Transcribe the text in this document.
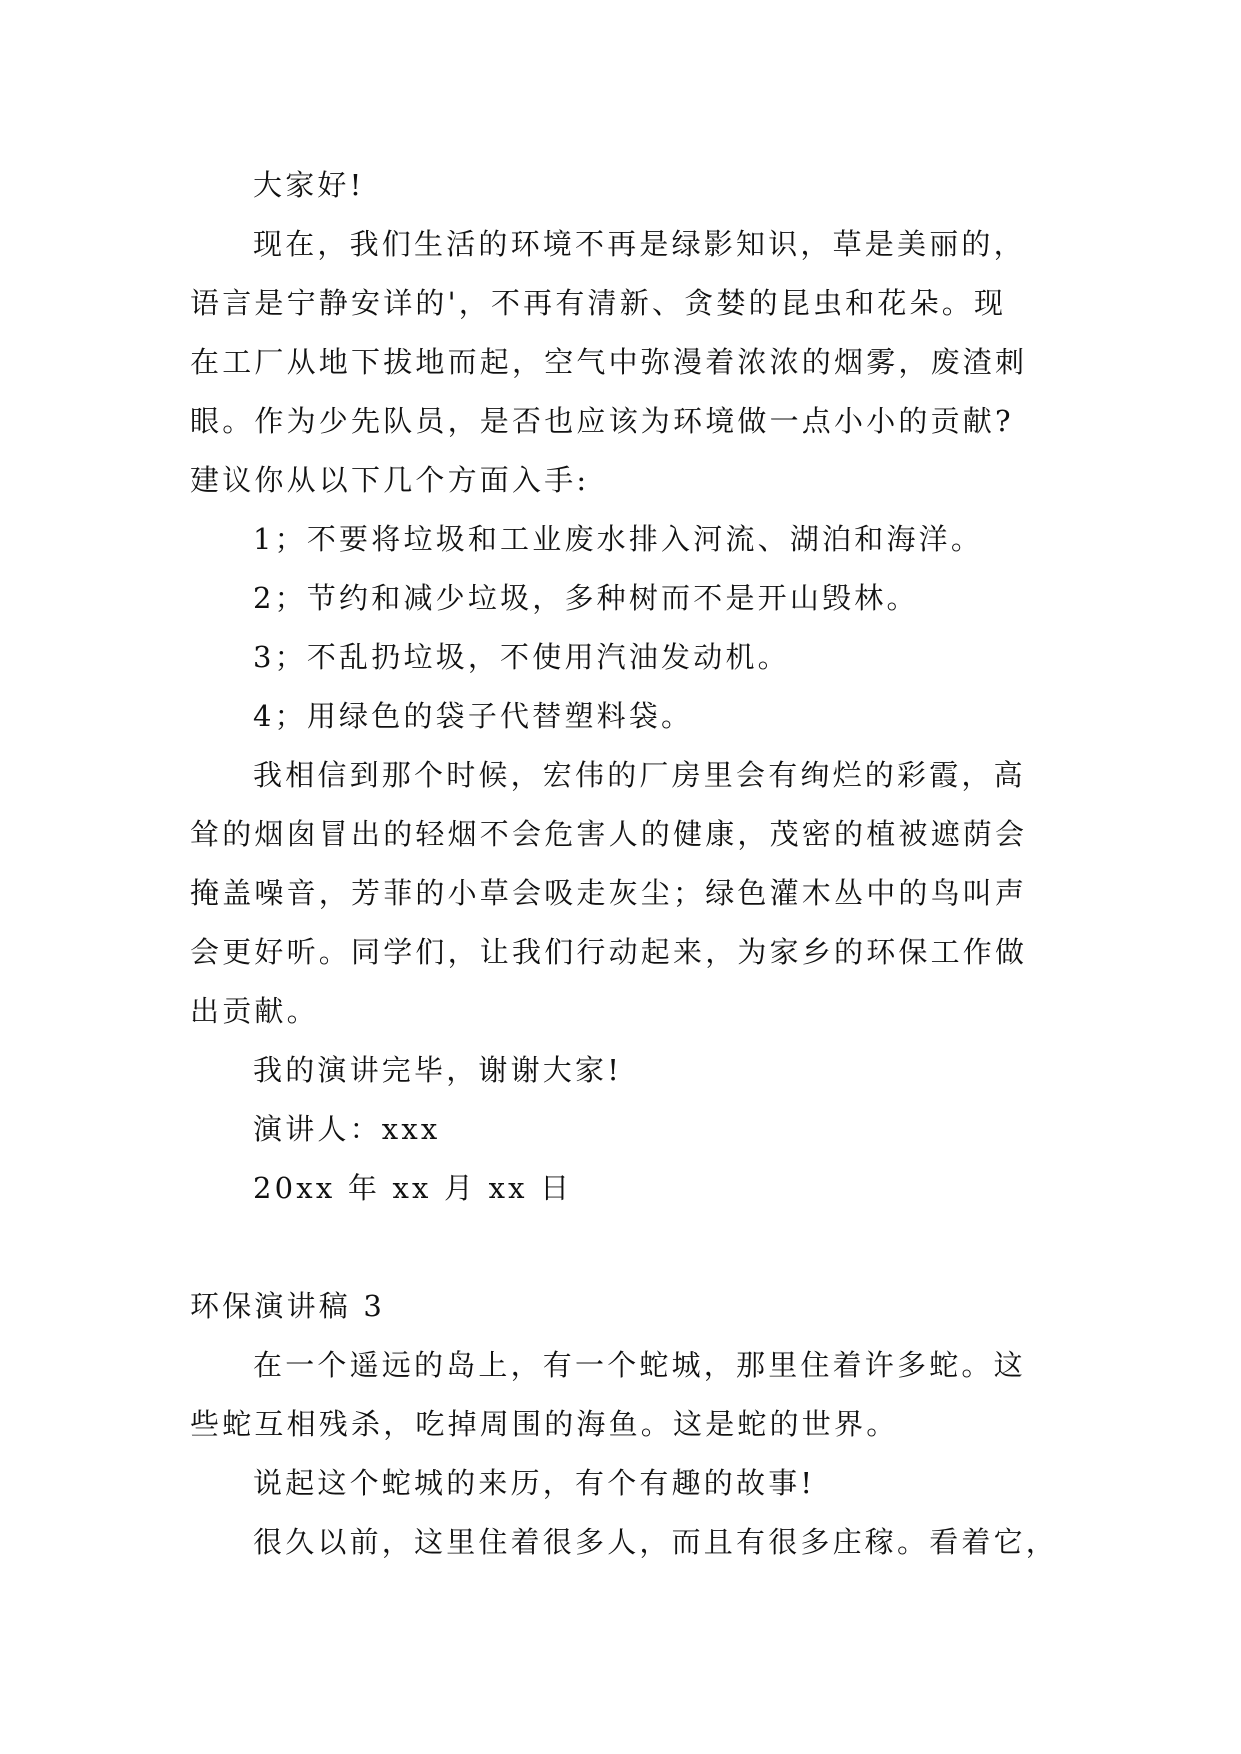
大家好!

现在，我们生活的环境不再是绿影知识，草是美丽的，
语言是宁静安详的'，不再有清新、贪婪的昆虫和花朵。现
在工厂从地下拔地而起，空气中弥漫着浓浓的烟雾，废渣刺
眼。作为少先队员，是否也应该为环境做一点小小的贡献?
建议你从以下几个方面入手:

1；不要将垃圾和工业废水排入河流、湖泊和海洋。

2；节约和减少垃圾，多种树而不是开山毁林。

3；不乱扔垃圾，不使用汽油发动机。

4；用绿色的袋子代替塑料袋。

我相信到那个时候，宏伟的厂房里会有绚烂的彩霞，高
耸的烟囱冒出的轻烟不会危害人的健康，茂密的植被遮荫会
掩盖噪音，芳菲的小草会吸走灰尘；绿色灌木丛中的鸟叫声
会更好听。同学们，让我们行动起来，为家乡的环保工作做
出贡献。

我的演讲完毕，谢谢大家!

演讲人：xxx

20xx 年 xx 月 xx 日

环保演讲稿 3

在一个遥远的岛上，有一个蛇城，那里住着许多蛇。这
些蛇互相残杀，吃掉周围的海鱼。这是蛇的世界。

说起这个蛇城的来历，有个有趣的故事!

很久以前，这里住着很多人，而且有很多庄稼。看着它，
